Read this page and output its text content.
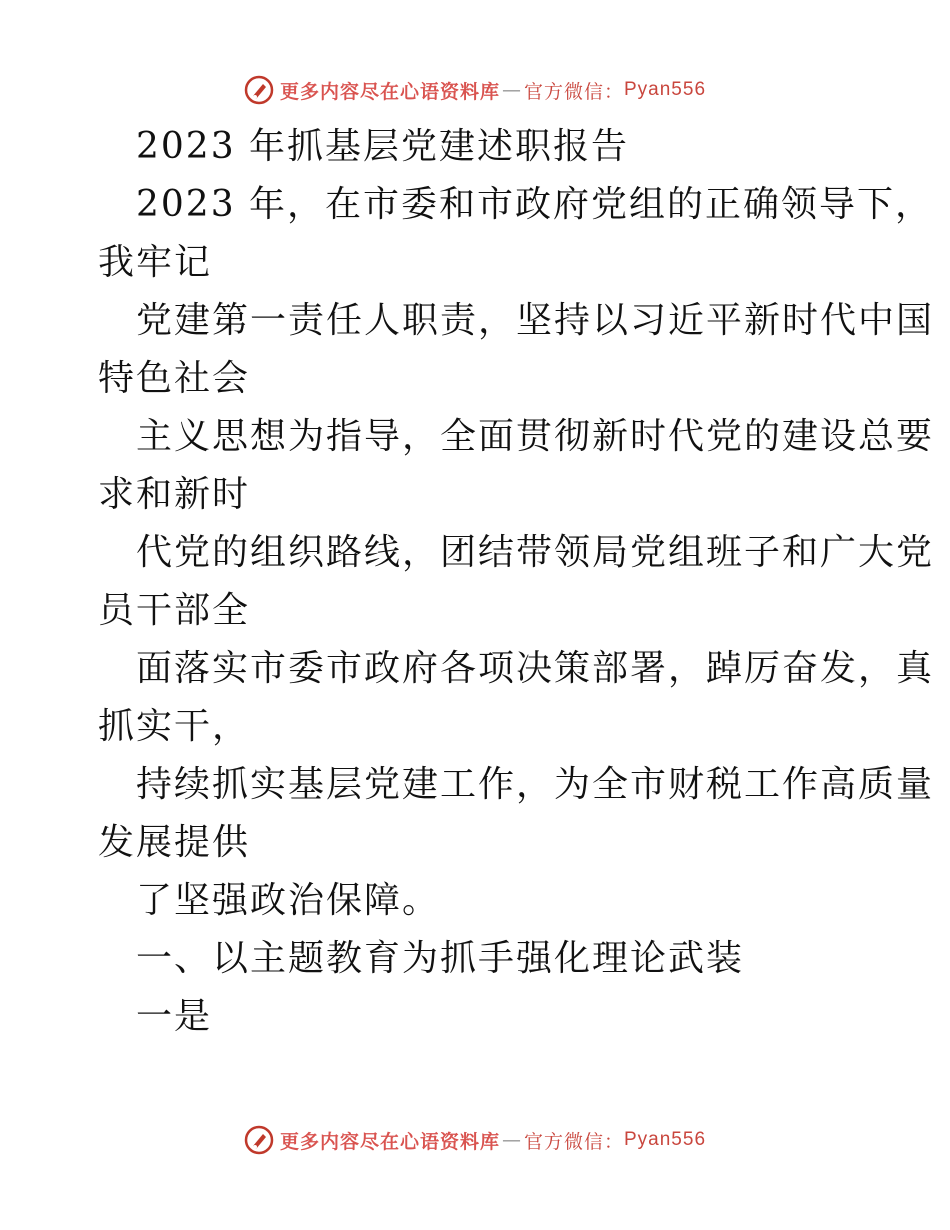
更多内容尽在心语资料库 — 官方微信： Pyan556
2023 年抓基层党建述职报告
2023 年，在市委和市政府党组的正确领导下，
我牢记
党建第一责任人职责，坚持以习近平新时代中国
特色社会
主义思想为指导，全面贯彻新时代党的建设总要
求和新时
代党的组织路线，团结带领局党组班子和广大党
员干部全
面落实市委市政府各项决策部署，踔厉奋发，真
抓实干，
持续抓实基层党建工作，为全市财税工作高质量
发展提供
了坚强政治保障。
一、以主题教育为抓手强化理论武装
一是
更多内容尽在心语资料库 — 官方微信： Pyan556
